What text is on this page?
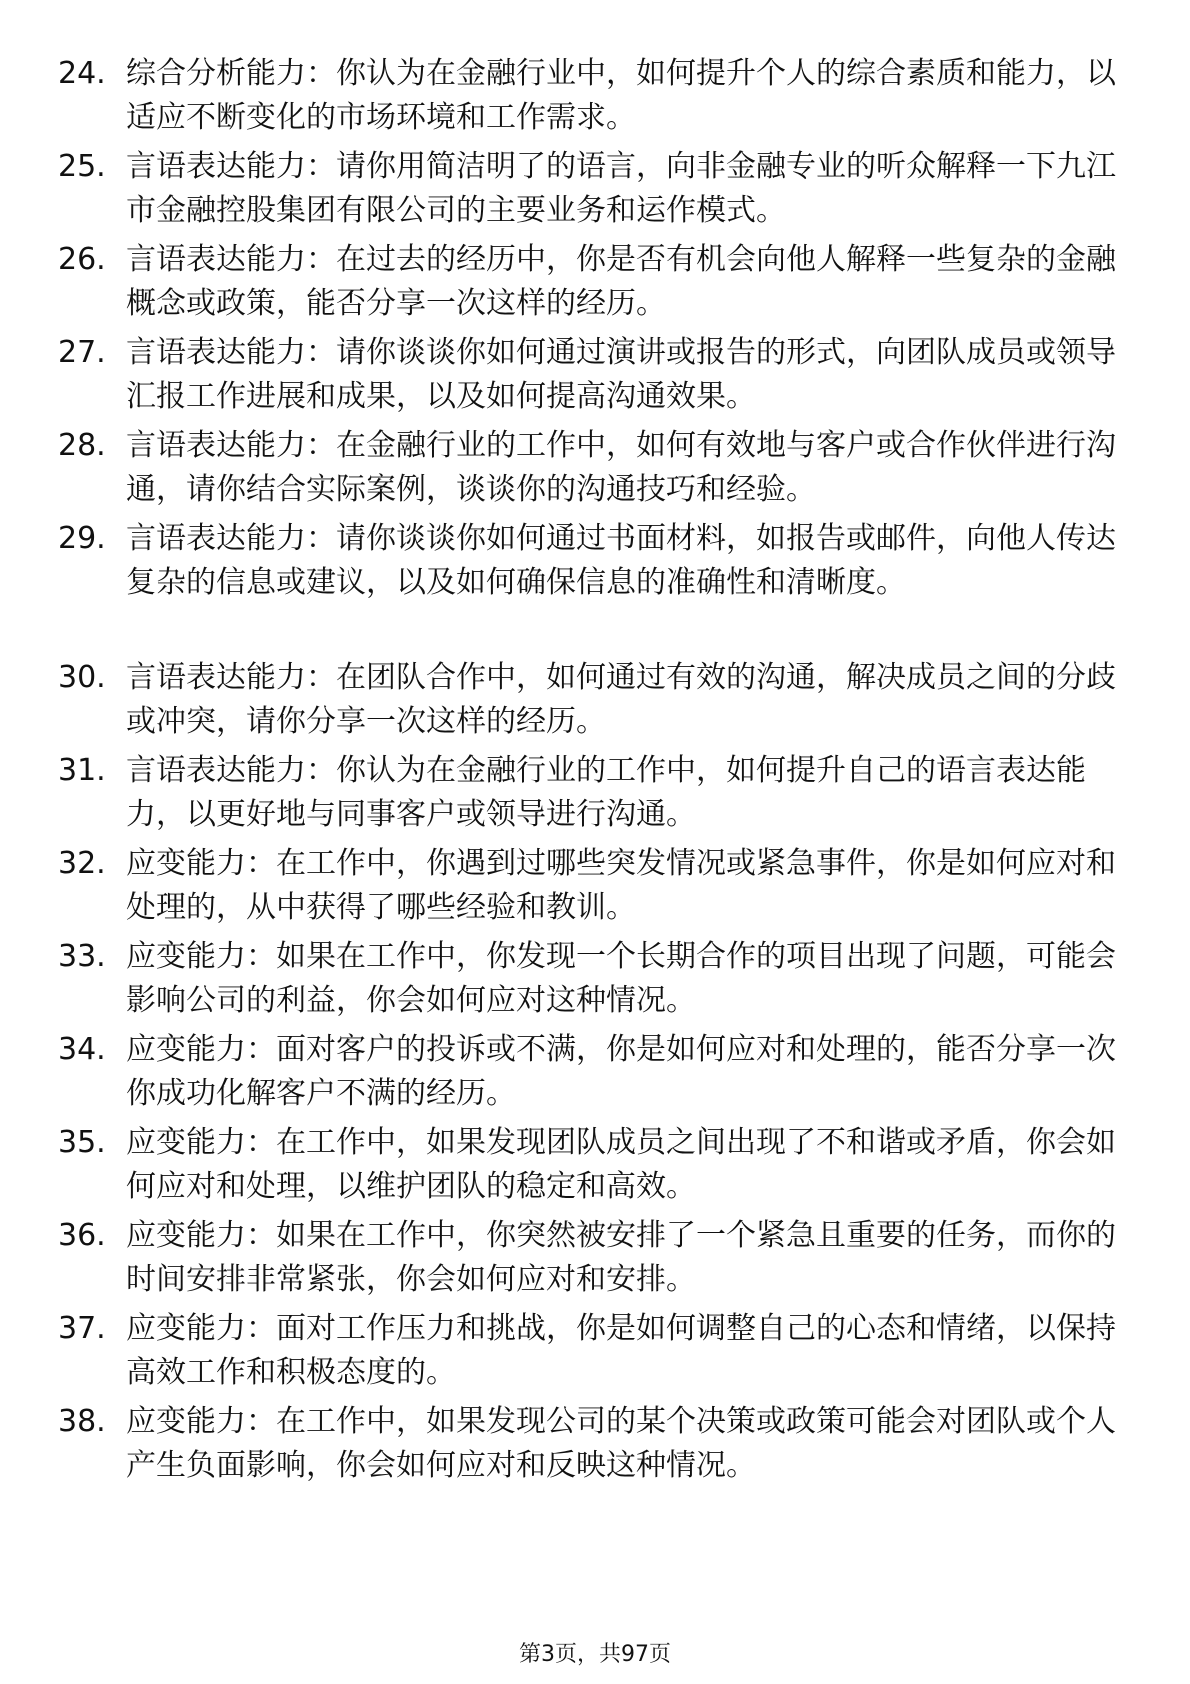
24. 综合分析能力：你认为在金融行业中，如何提升个人的综合素质和能力，以适应不断变化的市场环境和工作需求。
25. 言语表达能力：请你用简洁明了的语言，向非金融专业的听众解释一下九江市金融控股集团有限公司的主要业务和运作模式。
26. 言语表达能力：在过去的经历中，你是否有机会向他人解释一些复杂的金融概念或政策，能否分享一次这样的经历。
27. 言语表达能力：请你谈谈你如何通过演讲或报告的形式，向团队成员或领导汇报工作进展和成果，以及如何提高沟通效果。
28. 言语表达能力：在金融行业的工作中，如何有效地与客户或合作伙伴进行沟通，请你结合实际案例，谈谈你的沟通技巧和经验。
29. 言语表达能力：请你谈谈你如何通过书面材料，如报告或邮件，向他人传达复杂的信息或建议，以及如何确保信息的准确性和清晰度。
30. 言语表达能力：在团队合作中，如何通过有效的沟通，解决成员之间的分歧或冲突，请你分享一次这样的经历。
31. 言语表达能力：你认为在金融行业的工作中，如何提升自己的语言表达能力，以更好地与同事客户或领导进行沟通。
32. 应变能力：在工作中，你遇到过哪些突发情况或紧急事件，你是如何应对和处理的，从中获得了哪些经验和教训。
33. 应变能力：如果在工作中，你发现一个长期合作的项目出现了问题，可能会影响公司的利益，你会如何应对这种情况。
34. 应变能力：面对客户的投诉或不满，你是如何应对和处理的，能否分享一次你成功化解客户不满的经历。
35. 应变能力：在工作中，如果发现团队成员之间出现了不和谐或矛盾，你会如何应对和处理，以维护团队的稳定和高效。
36. 应变能力：如果在工作中，你突然被安排了一个紧急且重要的任务，而你的时间安排非常紧张，你会如何应对和安排。
37. 应变能力：面对工作压力和挑战，你是如何调整自己的心态和情绪，以保持高效工作和积极态度的。
38. 应变能力：在工作中，如果发现公司的某个决策或政策可能会对团队或个人产生负面影响，你会如何应对和反映这种情况。
第3页，共97页
